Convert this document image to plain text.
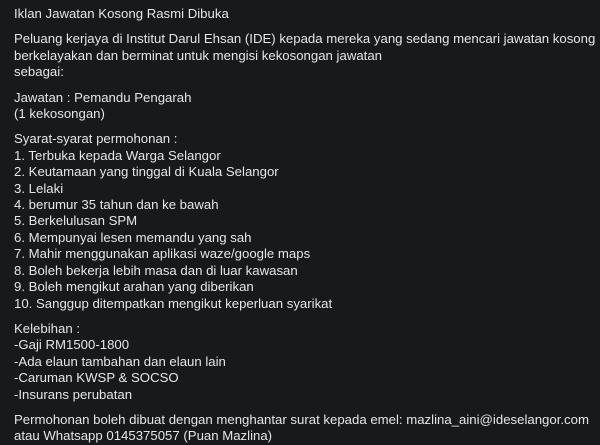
Iklan Jawatan Kosong Rasmi Dibuka
Peluang kerjaya di Institut Darul Ehsan (IDE) kepada mereka yang sedang mencari jawatan kosong
berkelayakan dan berminat untuk mengisi kekosongan jawatan
sebagai:
Jawatan : Pemandu Pengarah
(1 kekosongan)
Syarat-syarat permohonan :
1. Terbuka kepada Warga Selangor
2. Keutamaan yang tinggal di Kuala Selangor
3. Lelaki
4. berumur 35 tahun dan ke bawah
5. Berkelulusan SPM
6. Mempunyai lesen memandu yang sah
7. Mahir menggunakan aplikasi waze/google maps
8. Boleh bekerja lebih masa dan di luar kawasan
9. Boleh mengikut arahan yang diberikan
10. Sanggup ditempatkan mengikut keperluan syarikat
Kelebihan :
-Gaji RM1500-1800
-Ada elaun tambahan dan elaun lain
-Caruman KWSP & SOCSO
-Insurans perubatan
Permohonan boleh dibuat dengan menghantar surat kepada emel: mazlina_aini@ideselangor.com
atau Whatsapp 0145375057 (Puan Mazlina)
